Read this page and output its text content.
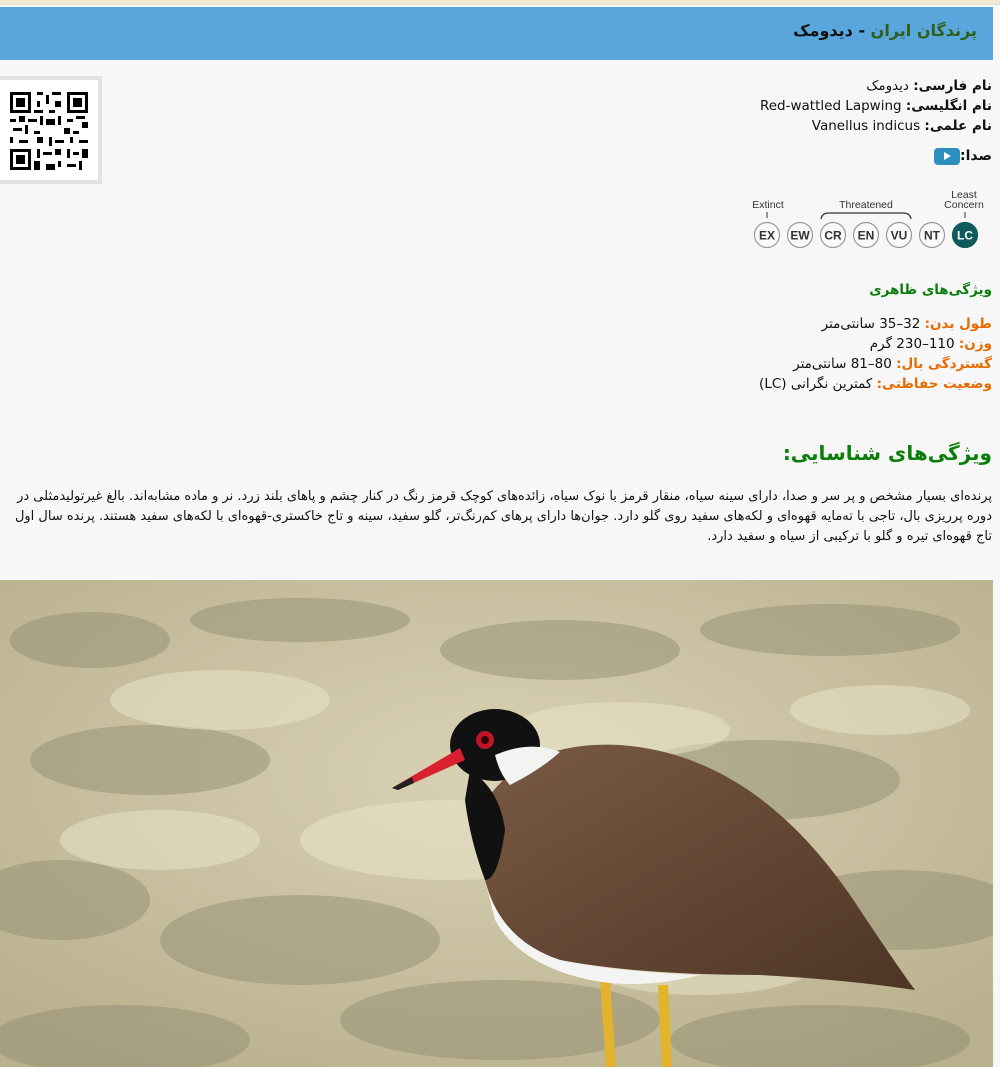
پرندگان ایران - دیدومک
نام فارسی: دیدومک
نام انگلیسی: Red-wattled Lapwing
نام علمی: Vanellus indicus
صدا:
Extinct	Threatened
Least
Concern
EX EW CR EN VU NT LC
ویژگی‌های ظاهری
طول بدن: 32–35 سانتی‌متر
وزن: 110–230 گرم
گستردگی بال: 80–81 سانتی‌متر
وضعیت حفاظتی: کمترین نگرانی (LC)
ویژگی‌های شناسایی:
پرنده‌ای بسیار مشخص و پر سر و صدا، دارای سینه سیاه، منقار قرمز با نوک سیاه، زائده‌های کوچک قرمز رنگ در کنار چشم و پاهای بلند زرد. نر و ماده مشابه‌اند. بالغ غیرتولیدمثلی در دوره پرریزی بال، تاجی با ته‌مایه قهوه‌ای و لکه‌های سفید روی گلو دارد. جوان‌ها دارای پرهای کم‌رنگ‌تر، گلو سفید، سینه و تاج خاکستری-قهوه‌ای با لکه‌های سفید هستند. پرنده سال اول تاج قهوه‌ای تیره و گلو با ترکیبی از سیاه و سفید دارد.
